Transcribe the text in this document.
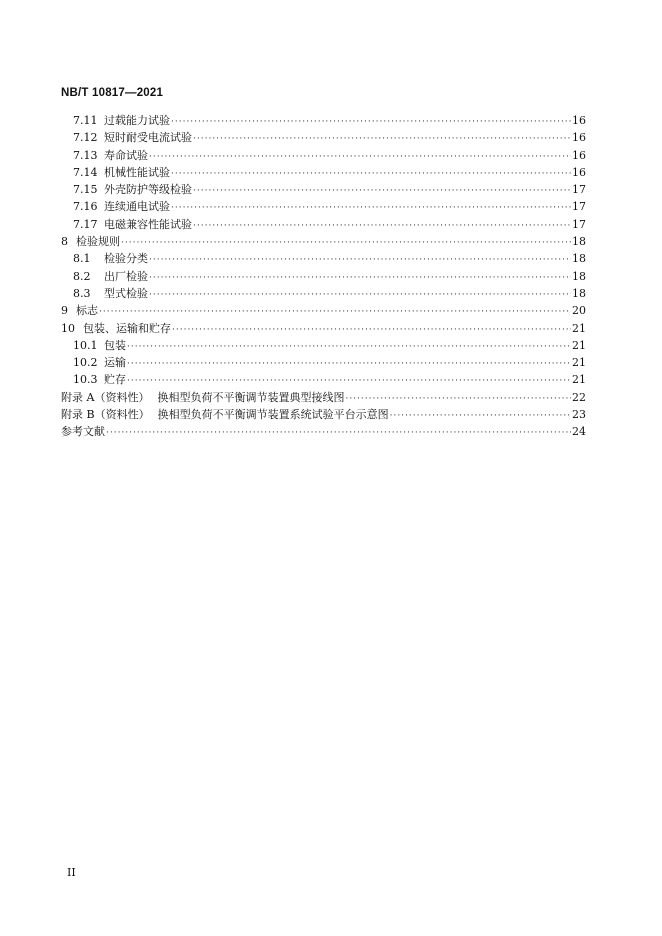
NB/T 10817—2021
7.11 过载能力试验 ·····	16
7.12 短时耐受电流试验 ·····	16
7.13 寿命试验 ·····	16
7.14 机械性能试验 ·····	16
7.15 外壳防护等级检验 ·····	17
7.16 连续通电试验 ·····	17
7.17 电磁兼容性能试验 ·····	17
8 检验规则 ·····	18
8.1	检验分类 ·····	18
8.2	出厂检验 ·····	18
8.3	型式检验 ·····	18
9 标志 ·····	20
10 包装、运输和贮存 ·····	21
10.1 包装 ·····	21
10.2 运输 ·····	21
10.3 贮存 ·····	21
附录 A（资料性） 换相型负荷不平衡调节装置典型接线图 ·····	22
附录 B（资料性） 换相型负荷不平衡调节装置系统试验平台示意图 ·····	23
参考文献 ·····	24
II
